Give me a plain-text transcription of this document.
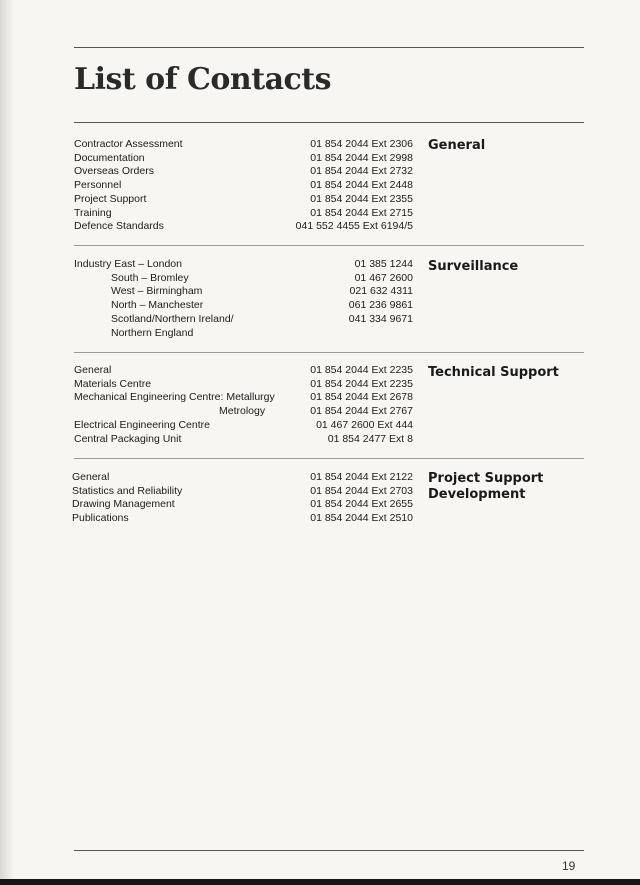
List of Contacts
General
Contractor Assessment	01 854 2044 Ext 2306
Documentation	01 854 2044 Ext 2998
Overseas Orders	01 854 2044 Ext 2732
Personnel	01 854 2044 Ext 2448
Project Support	01 854 2044 Ext 2355
Training	01 854 2044 Ext 2715
Defence Standards	041 552 4455 Ext 6194/5
Surveillance
Industry East – London	01 385 1244
South – Bromley	01 467 2600
West – Birmingham	021 632 4311
North – Manchester	061 236 9861
Scotland/Northern Ireland/	041 334 9671
Northern England
Technical Support
General	01 854 2044 Ext 2235
Materials Centre	01 854 2044 Ext 2235
Mechanical Engineering Centre: Metallurgy	01 854 2044 Ext 2678
Metrology	01 854 2044 Ext 2767
Electrical Engineering Centre	01 467 2600 Ext 444
Central Packaging Unit	01 854 2477 Ext 8
Project Support
Development
General	01 854 2044 Ext 2122
Statistics and Reliability	01 854 2044 Ext 2703
Drawing Management	01 854 2044 Ext 2655
Publications	01 854 2044 Ext 2510
19
